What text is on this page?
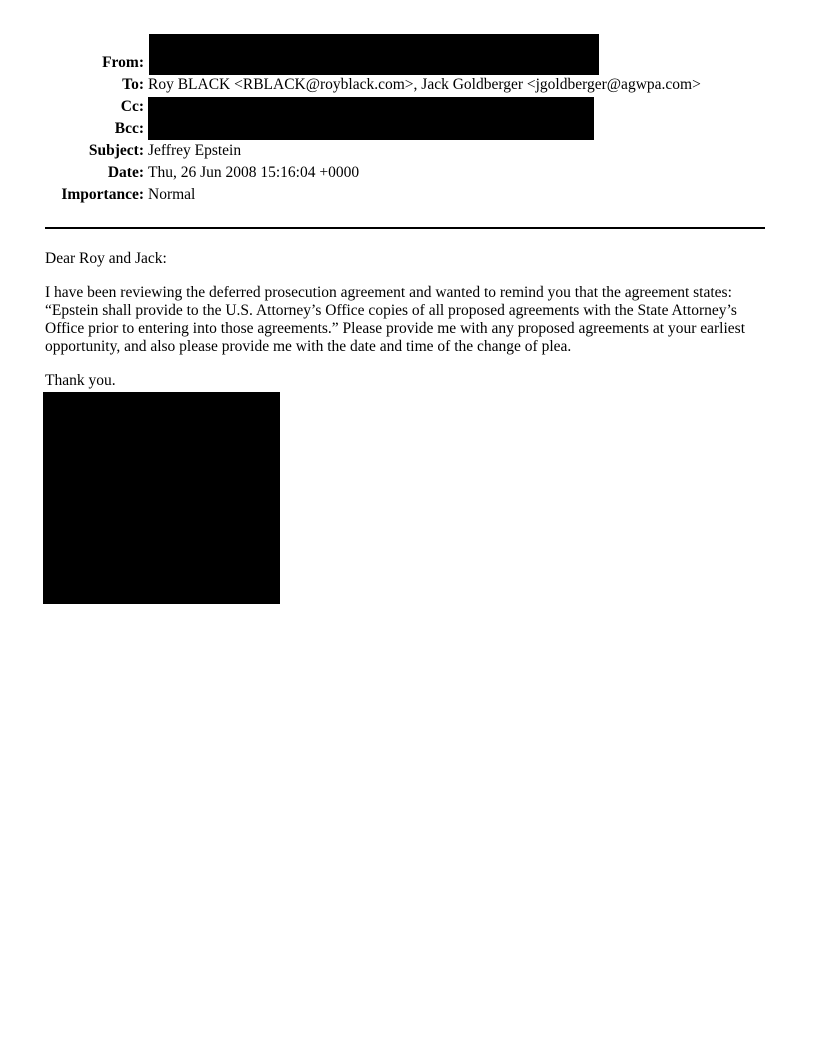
From:
To: Roy BLACK <RBLACK@royblack.com>, Jack Goldberger <jgoldberger@agwpa.com>
Cc:
Bcc:
Subject: Jeffrey Epstein
Date: Thu, 26 Jun 2008 15:16:04 +0000
Importance: Normal

Dear Roy and Jack:

I have been reviewing the deferred prosecution agreement and wanted to remind you that the agreement states: “Epstein shall provide to the U.S. Attorney’s Office copies of all proposed agreements with the State Attorney’s Office prior to entering into those agreements.” Please provide me with any proposed agreements at your earliest opportunity, and also please provide me with the date and time of the change of plea.

Thank you.
